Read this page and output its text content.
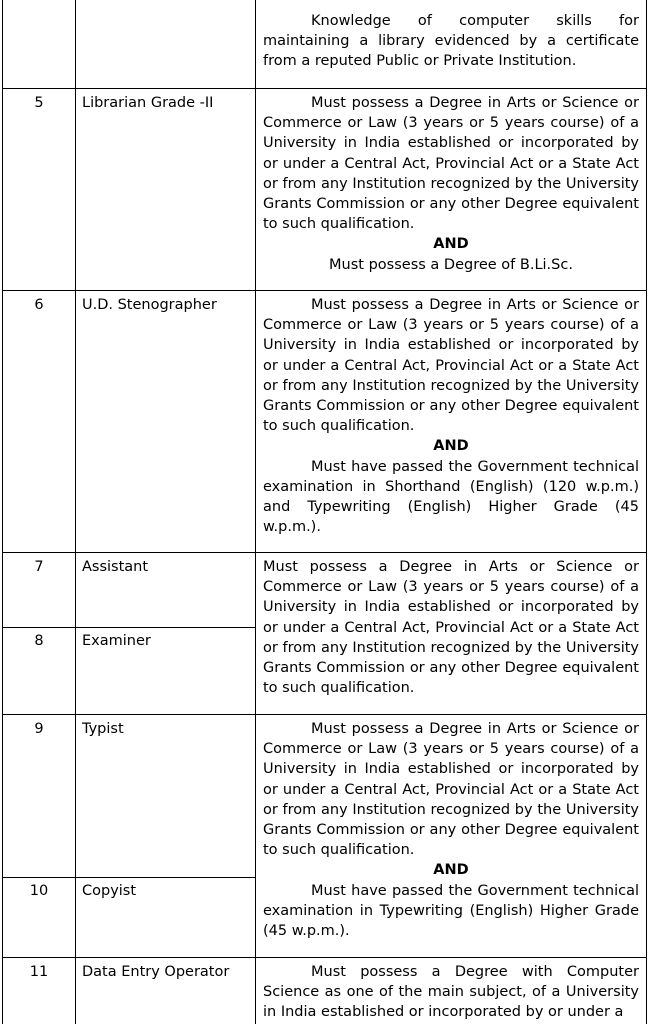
Knowledge of computer skills for maintaining a library evidenced by a certificate from a reputed Public or Private Institution.

5	Librarian Grade -II	Must possess a Degree in Arts or Science or Commerce or Law (3 years or 5 years course) of a University in India established or incorporated by or under a Central Act, Provincial Act or a State Act or from any Institution recognized by the University Grants Commission or any other Degree equivalent to such qualification.

AND

Must possess a Degree of B.Li.Sc.

6	U.D. Stenographer	Must possess a Degree in Arts or Science or Commerce or Law (3 years or 5 years course) of a University in India established or incorporated by or under a Central Act, Provincial Act or a State Act or from any Institution recognized by the University Grants Commission or any other Degree equivalent to such qualification.

AND

Must have passed the Government technical examination in Shorthand (English) (120 w.p.m.) and Typewriting (English) Higher Grade (45 w.p.m.).

7	Assistant
8	Examiner

Must possess a Degree in Arts or Science or Commerce or Law (3 years or 5 years course) of a University in India established or incorporated by or under a Central Act, Provincial Act or a State Act or from any Institution recognized by the University Grants Commission or any other Degree equivalent to such qualification.

9	Typist
10	Copyist

Must possess a Degree in Arts or Science or Commerce or Law (3 years or 5 years course) of a University in India established or incorporated by or under a Central Act, Provincial Act or a State Act or from any Institution recognized by the University Grants Commission or any other Degree equivalent to such qualification.

AND

Must have passed the Government technical examination in Typewriting (English) Higher Grade (45 w.p.m.).

11	Data Entry Operator	Must possess a Degree with Computer Science as one of the main subject, of a University in India established or incorporated by or under a
